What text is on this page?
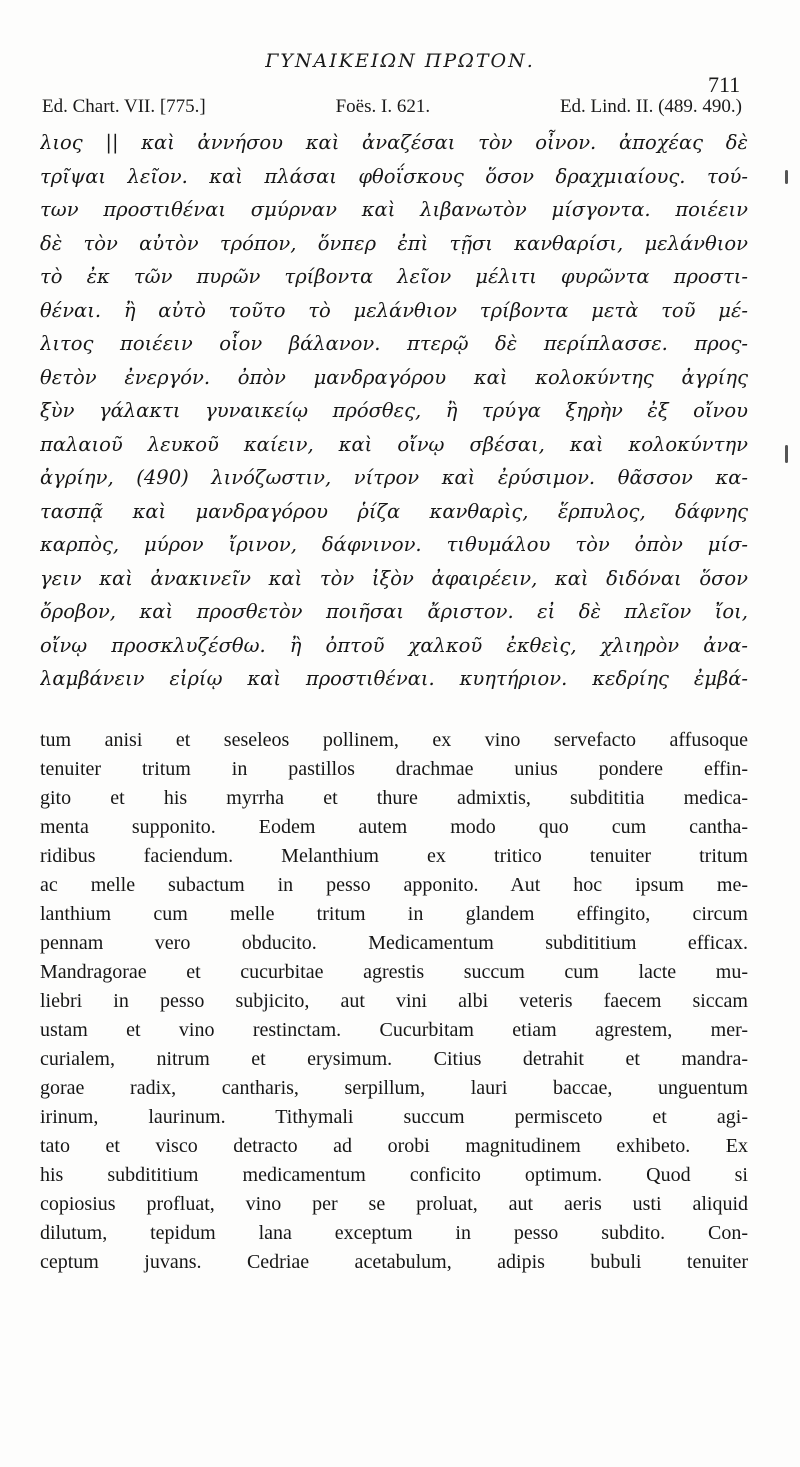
ΓΥΝΑΙΚΕΙΩΝ ΠΡΩΤΟΝ.
711
Ed. Chart. VII. [775.]	Foës. I. 621.	Ed. Lind. II. (489. 490.)
λιος || καὶ ἀννήσου καὶ ἀναζέσαι τὸν οἶνον. ἀποχέας δὲ
τρῖψαι λεῖον. καὶ πλάσαι φθοΐσκους ὅσον δραχμιαίους. τού-
των προστιθέναι σμύρναν καὶ λιβανωτὸν μίσγοντα. ποιέειν
δὲ τὸν αὐτὸν τρόπον, ὅνπερ ἐπὶ τῇσι κανθαρίσι, μελάνθιον
τὸ ἐκ τῶν πυρῶν τρίβοντα λεῖον μέλιτι φυρῶντα προστι-
θέναι. ἢ αὐτὸ τοῦτο τὸ μελάνθιον τρίβοντα μετὰ τοῦ μέ-
λιτος ποιέειν οἷον βάλανον. πτερῷ δὲ περίπλασσε. προς-
θετὸν ἐνεργόν. ὀπὸν μανδραγόρου καὶ κολοκύντης ἀγρίης
ξὺν γάλακτι γυναικείῳ πρόσθες, ἢ τρύγα ξηρὴν ἐξ οἴνου
παλαιοῦ λευκοῦ καίειν, καὶ οἴνῳ σβέσαι, καὶ κολοκύντην
ἀγρίην, (490) λινόζωστιν, νίτρον καὶ ἐρύσιμον. θᾶσσον κα-
τασπᾷ καὶ μανδραγόρου ῥίζα κανθαρὶς, ἕρπυλος, δάφνης
καρπὸς, μύρον ἴρινον, δάφνινον. τιθυμάλου τὸν ὀπὸν μίσ-
γειν καὶ ἀνακινεῖν καὶ τὸν ἰξὸν ἀφαιρέειν, καὶ διδόναι ὅσον
ὄροβον, καὶ προσθετὸν ποιῆσαι ἄριστον. εἰ δὲ πλεῖον ἴοι,
οἴνῳ προσκλυζέσθω. ἢ ὀπτοῦ χαλκοῦ ἐκθεὶς, χλιηρὸν ἀνα-
λαμβάνειν εἰρίῳ καὶ προστιθέναι. κυητήριον. κεδρίης ἐμβά-
tum anisi et seseleos pollinem, ex vino servefacto affusoque
tenuiter tritum in pastillos drachmae unius pondere effin-
gito et his myrrha et thure admixtis, subdititia medica-
menta supponito. Eodem autem modo quo cum cantha-
ridibus faciendum. Melanthium ex tritico tenuiter tritum
ac melle subactum in pesso apponito. Aut hoc ipsum me-
lanthium cum melle tritum in glandem effingito, circum
pennam vero obducito. Medicamentum subdititium efficax.
Mandragorae et cucurbitae agrestis succum cum lacte mu-
liebri in pesso subjicito, aut vini albi veteris faecem siccam
ustam et vino restinctam. Cucurbitam etiam agrestem, mer-
curialem, nitrum et erysimum. Citius detrahit et mandra-
gorae radix, cantharis, serpillum, lauri baccae, unguentum
irinum, laurinum. Tithymali succum permisceto et agi-
tato et visco detracto ad orobi magnitudinem exhibeto. Ex
his subdititium medicamentum conficito optimum. Quod si
copiosius profluat, vino per se proluat, aut aeris usti aliquid
dilutum, tepidum lana exceptum in pesso subdito. Con-
ceptum juvans. Cedriae acetabulum, adipis bubuli tenuiter
